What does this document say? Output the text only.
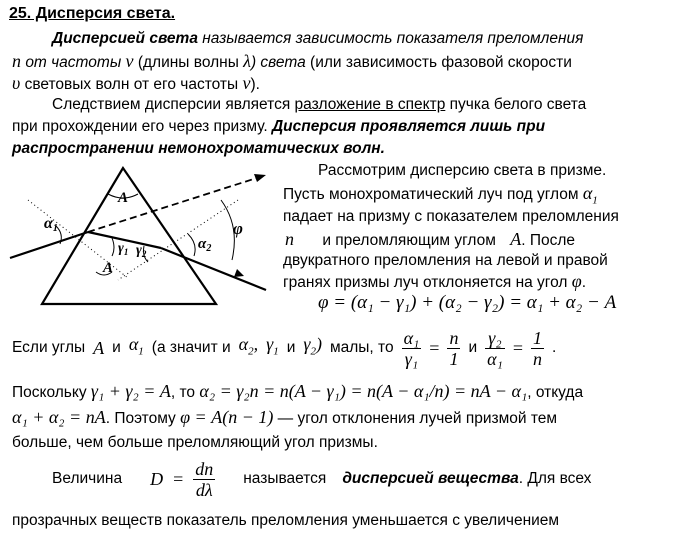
25. Дисперсия света.
Дисперсией света называется зависимость показателя преломления
n от частоты ν (длины волны λ) света (или зависимость фазовой скорости
υ световых волн от его частоты ν).
Следствием дисперсии является разложение в спектр пучка белого света
при прохождении его через призму. Дисперсия проявляется лишь при
распространении немонохроматических волн.
Рассмотрим дисперсию света в призме.
Пусть монохроматический луч под углом $\alpha_1$
падает на призму с показателем преломления
n и преломляющим углом A. После
двукратного преломления на левой и правой
гранях призмы луч отклоняется на угол φ.
A
A
α1
$\gamma_1$ $\gamma_2$
$\alpha_2$
φ
φ = (α₁ − γ₁) + (α₂ − γ₂) = α₁ + α₂ − A
Если углы A и $\alpha_1$ (а значит и $\alpha_2$, $\gamma_1$ и $\gamma_2$) малы, то $\frac{\text{α₁}}{\text{γ₁}} = \frac{n}{1}$ и $\frac{\text{γ₂}}{\text{α₁}} = \frac{1}{n}$ .
Поскольку γ₁ + γ₂ = A, то α₂ = γ₂n = n(A − γ₁) = n(A − α₁/n) = nA − α₁, откуда
α₁ + α₂ = nA. Поэтому φ = A(n − 1) — угол отклонения лучей призмой тем
больше, чем больше преломляющий угол призмы.
Величина $D = \frac{dn}{d\lambda}$ называется дисперсией вещества. Для всех
прозрачных веществ показатель преломления уменьшается с увеличением
